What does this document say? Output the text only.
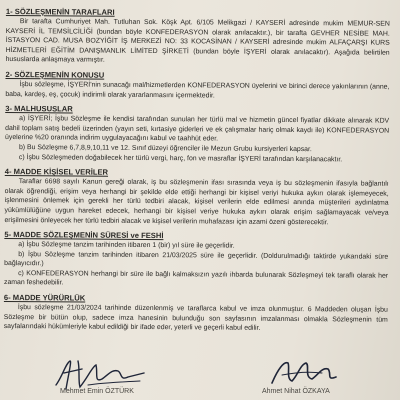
1- SÖZLEŞMENİN TARAFLARI

Bir tarafta Cumhuriyet Mah. Tutluhan Sok. Köşk Apt. 6/105 Melikgazi / KAYSERİ adresinde mukim MEMUR-SEN KAYSERİ İL TEMSİLCİLİĞİ (bundan böyle KONFEDERASYON olarak anılacaktır.), bir tarafta GEVHER NESİBE MAH. İSTASYON CAD. MUSA BOZYİĞİT İŞ MERKEZİ NO: 33 KOCASİNAN / KAYSERİ adresinde mukim ALFAÇARŞI KURS HİZMETLERİ EĞİTİM DANIŞMANLIK LİMİTED ŞİRKETİ (bundan böyle İŞYERİ olarak anılacaktır). Aşağıda belirtilen hususlarda anlaşmaya varmıştır.

2- SÖZLEŞMENİN KONUSU

İşbu sözleşme, İŞYERİ'nin sunacağı mal/hizmetlerden KONFEDERASYON üyelerini ve birinci derece yakınlarının (anne, baba, kardeş, eş, çocuk) indirimli olarak yararlanmasını içermektedir.

3- MALHUSUSLAR

a) İŞYERİ; İşbu Sözleşme ile kendisi tarafından sunulan her türlü mal ve hizmetin güncel fiyatlar dikkate alınarak KDV dahil toplam satış bedeli üzerinden (yayın seti, kırtasiye giderleri ve ek çalışmalar hariç olmak kaydı ile) KONFEDERASYON üyelerine %20 oranında indirim uygulayacağını kabul ve taahhüt eder.

b) Bu Sözleşme 6,7,8,9,10,11 ve 12. Sınıf düzeyi öğrenciler ile Mezun Grubu kursiyerleri kapsar.

c) İşbu Sözleşmeden doğabilecek her türlü vergi, harç, fon ve masraflar İŞYERİ tarafından karşılanacaktır.

4- MADDE KİŞİSEL VERİLER

Taraflar 6698 sayılı Kanun gereği olarak, iş bu sözleşmenin ifası sırasında veya iş bu sözleşmenin ifasıyla bağlantılı olarak öğrendiği, erişim veya herhangi bir şekilde elde ettiği herhangi bir kişisel veriyi hukuka aykırı olarak işlemeyecek, işlenmesini önlemek için gerekli her türlü tedbiri alacak, kişisel verilerin elde edilmesi anında müşterileri aydınlatma yükümlülüğüne uygun hareket edecek, herhangi bir kişisel veriye hukuka aykırı olarak erişim sağlamayacak ve/veya erişilmesini önleyecek her türlü tedbiri alacak ve kişisel verilerin muhafazası için azami özeni gösterecektir.

5- MADDE SÖZLEŞMENİN SÜRESİ ve FESHİ

a) İşbu Sözleşme tanzim tarihinden itibaren 1 (bir) yıl süre ile geçerlidir.

b) İşbu Sözleşme tanzim tarihinden itibaren 21/03/2025 süre ile geçerlidir. (Doldurulmadığı taktirde yukarıdaki süre bağlayıcıdır.)

c) KONFEDERASYON herhangi bir süre ile bağlı kalmaksızın yazılı ihbarda bulunarak Sözleşmeyi tek taraflı olarak her zaman feshedebilir.

6- MADDE YÜRÜRLÜK

İşbu sözleşme 21/03/2024 tarihinde düzenlenmiş ve taraflarca kabul ve imza olunmuştur. 6 Maddeden oluşan İşbu Sözleşme bir bütün olup, sadece imza hanesinin bulunduğu son sayfasının imzalanması olmakla Sözleşmenin tüm sayfalarındaki hükümleriyle kabul edildiği bir ifade eder, yeterli ve geçerli kabul edilir.

Mehmet Emin ÖZTÜRK	Ahmet Nihat ÖZKAYA
